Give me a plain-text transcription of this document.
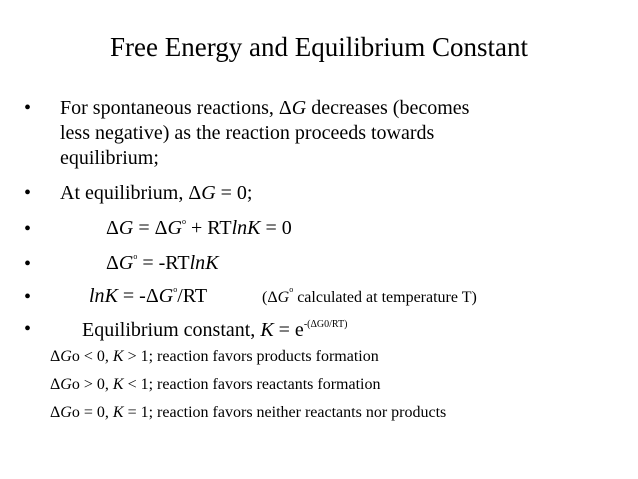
Free Energy and Equilibrium Constant
• For spontaneous reactions, ΔG decreases (becomes
less negative) as the reaction proceeds towards
equilibrium;
• At equilibrium, ΔG = 0;
•	$\Delta G = \Delta G^o + RTlnK = 0$
•	$\Delta G^o = -RTlnK$
•	$\ln K = -\Delta G^o/RT$	($\Delta G^o$ calculated at temperature T)
•	Equilibrium constant, $K = e^{-(\Delta G0/RT)}$
ΔGo < 0, K > 1; reaction favors products formation
ΔGo > 0, K < 1; reaction favors reactants formation
ΔGo = 0, K = 1; reaction favors neither reactants nor products
